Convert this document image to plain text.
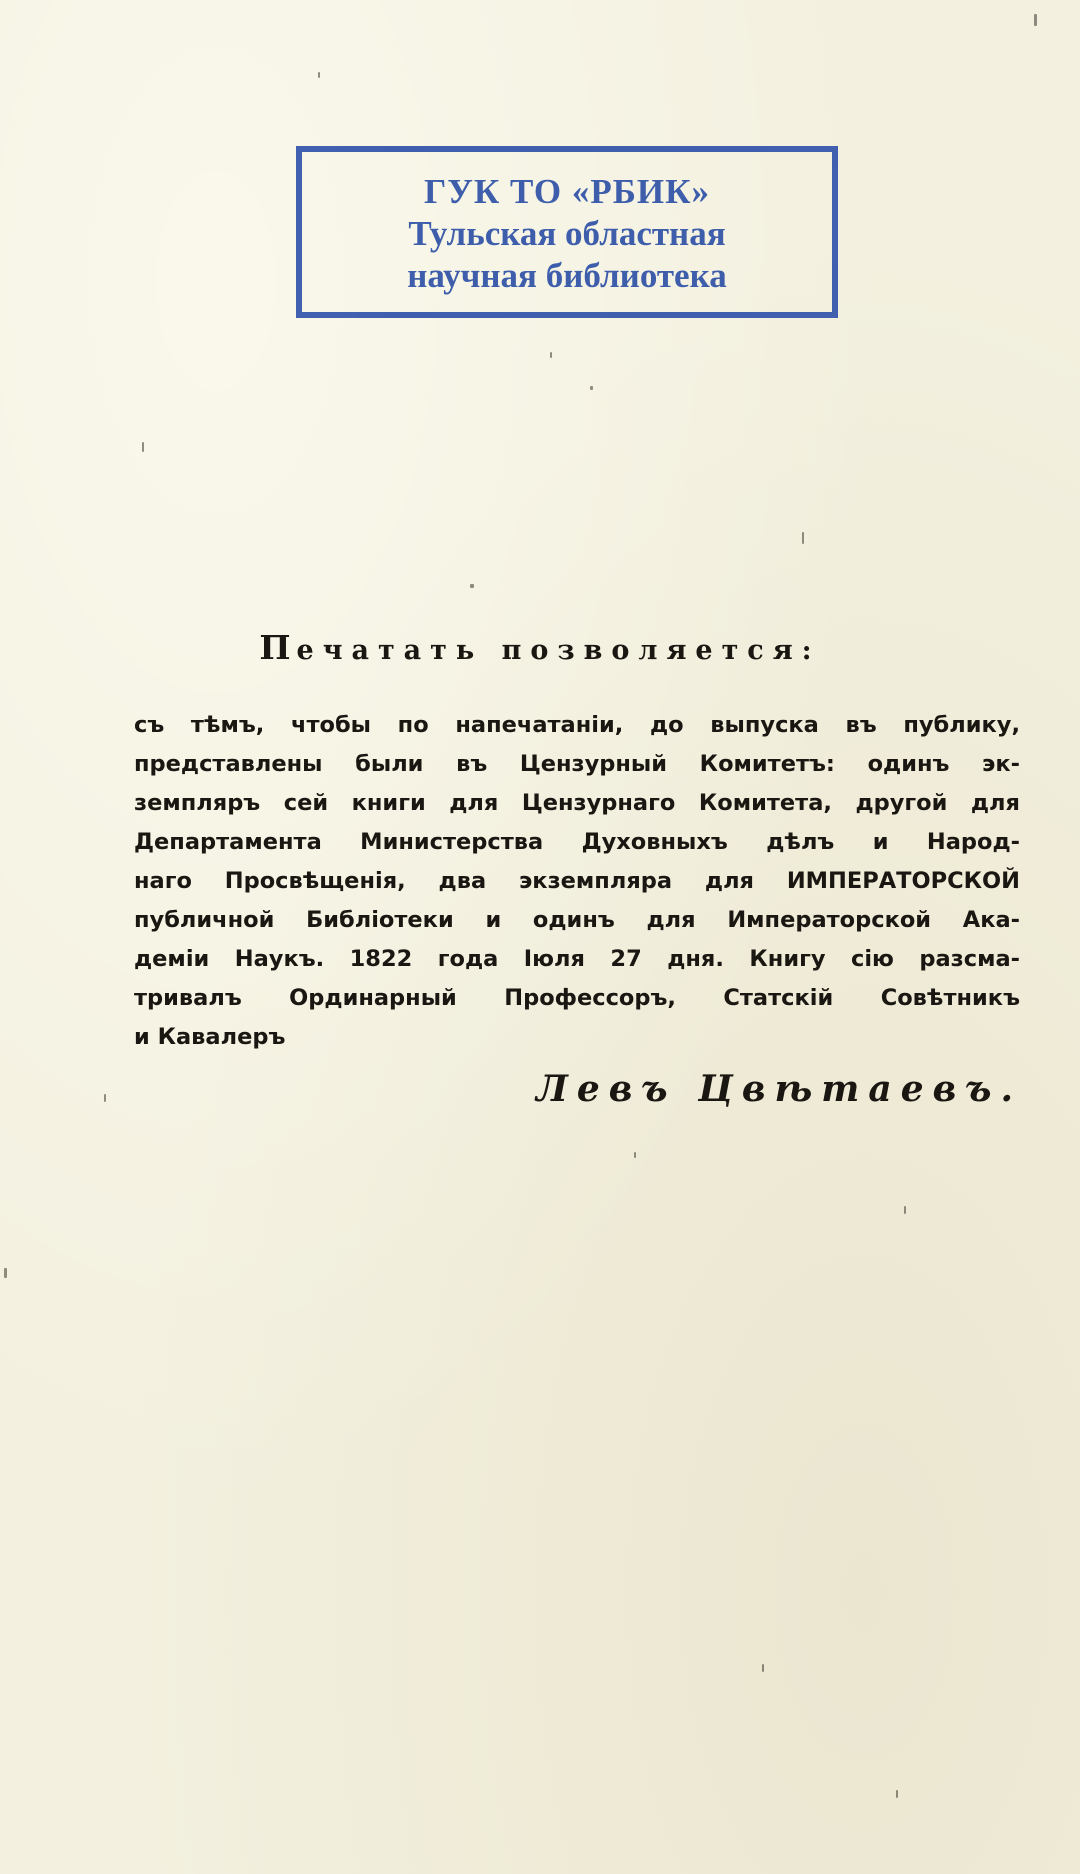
ГУК ТО «РБИК»
Тульская областная
научная библиотека
Печатать позволяется:
съ тѣмъ, чтобы по напечатаніи, до выпуска въ публику,
представлены были въ Цензурный Комитетъ: одинъ эк-
земпляръ сей книги для Цензурнаго Комитета, другой для
Департамента Министерства Духовныхъ дѣлъ и Народ-
наго Просвѣщенія, два экземпляра для ИМПЕРАТОРСКОЙ
публичной Библіотеки и одинъ для Императорской Ака-
деміи Наукъ. 1822 года Іюля 27 дня. Книгу сію разсма-
тривалъ Ординарный Профессоръ, Статскій Совѣтникъ
и Кавалеръ
Левъ Цвѣтаевъ.
